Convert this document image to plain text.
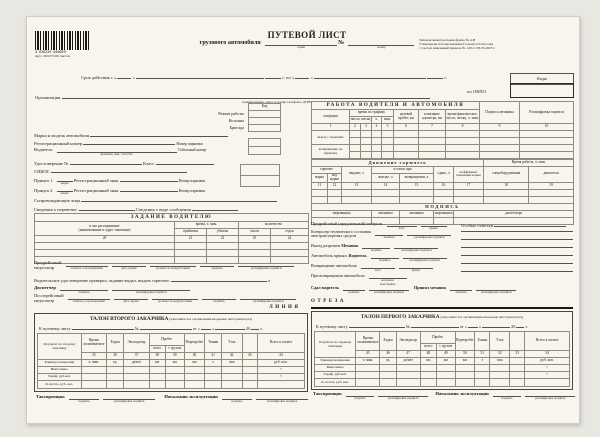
4 630229 046059
Арт. 130137/100 листов
ПУТЕВОЙ ЛИСТ
грузового автомобиля
серия
№
номер
Типовая межотраслевая форма № 4-В
Утверждена постановлением Госкомстата России
с учетом изменений приказа № 120 от 03.05.2023 г.
Срок действия с «	»	г. по «	»	г.
Организация
наименование, адрес и номер телефона, ОГРН
по ОКПО
Коды
Режим работы
Колонна
Бригада
Код

Марка и модель автомобиля
Регистрационный номер	Номер парковки
Водитель
фамилия, имя, отчество
Табельный номер
Удостоверение №	Класс
СНИЛС
Прицеп 1	марка	Регистрационный знак	Номер парковки
Прицеп 2	марка	Регистрационный знак	Номер парковки

Сопровождающие лица
Сведения о перевозке:	Сведения о виде сообщения
ЗАДАНИЕ ВОДИТЕЛЮ				

в чье распоряжение
(наименование и адрес заказчика)	время, ч. мин.		количество	
	прибытия	убытия	часов	ездок
20	21	22	23	24

Предрейсовый
медосмотр	отметка о прохождении
	дата, время
	должность медработника
	подпись
	расшифровка подписи
Водительское удостоверение проверил, задание выдал, выдать горючего	л
Диспетчер
подпись
	расшифровка подписи
Послерейсовый
медосмотр	отметка о прохождении
	дата, время
	должность медработника
	подпись
	расшифровка подписи
ЛИНИЯ
ТАЛОН ВТОРОГО ЗАКАЗЧИКА (заполняется в организации-владельце автотранспорта)
К путевому листу	№	от «	»	20 г.
Результат по второму заказчику	Время оплачиваемое	Ездки	Экспедитор	Пробег		Перепробег	Тонны	Т-км		Всего к оплате
				всего	с грузом					
	35	36	37	38	39	40	41	42	43	44
Единица измерения	ч. мин.	ед.	да/нет	км	км	км	т	ткм		руб. коп.
Выполнено										×
Тариф, руб.коп.										×
К оплате, руб. коп.										
Таксировщик
подпись
	расшифровка подписи
Начальник эксплуатации
подпись
	расшифровка подписи
РАБОТА ВОДИТЕЛЯ И АВТОМОБИЛЯ								Подпись механика	Расшифровка подписи
операции	время по графику				нулевой пробег, км	показание одометра, км	время фактическое, число, месяц, ч. мин.		
	число, месяц		ч.	мин.					
1	2	3	4	5	6	7	8	9	10
выезд с парковки									

возвращение на парковку									

Движение горючего							Время работы, ч. мин.	
горючее		выдано, л	остаток при		сдано, л	коэффициент изменения нормы	спецоборудования	двигателя
марка	код марки		выезде, л	возвращении, л				
11	12	13	14	15	16	17	18	19

ПОДПИСЬ								
заправщика			механика	механика	заправщика	диспетчера		

Предрейсовый (предсменный) контроль
дата
	время	Особые отметки
Контролер технического состояния
автотранспортных средств	подпись
	расшифровка подписи
Выезд разрешен Механик
подпись
	расшифровка подписи
Автомобиль принял. Водитель
подпись
	расшифровка подписи
Возвращение автомобиля
дата
	время
При возвращении автомобиль
исправен
неисправен
Сдал водитель
подпись
	расшифровка подписи
Принял механик
подпись
	расшифровка подписи
ОТРЕЗА
ТАЛОН ПЕРВОГО ЗАКАЗЧИКА (заполняется в организации-владельце автотранспорта)
К путевому листу	№	от «	»	20 г.
Результат по первому заказчику	Время оплачиваемое	Ездки	Экспедитор	Пробег		Перепробег	Тонны	Т-км		Всего к оплате
				всего	с грузом					
	45	46	47	48	49	50	51	52	53	54
Единица измерения	ч. мин.	ед.	да/нет	км	км	км	т	ткм		руб. коп.
Выполнено										×
Тариф, руб.коп.										×
К оплате, руб. коп.										
Таксировщик
подпись
	расшифровка подписи
Начальник эксплуатации
подпись
	расшифровка подписи
